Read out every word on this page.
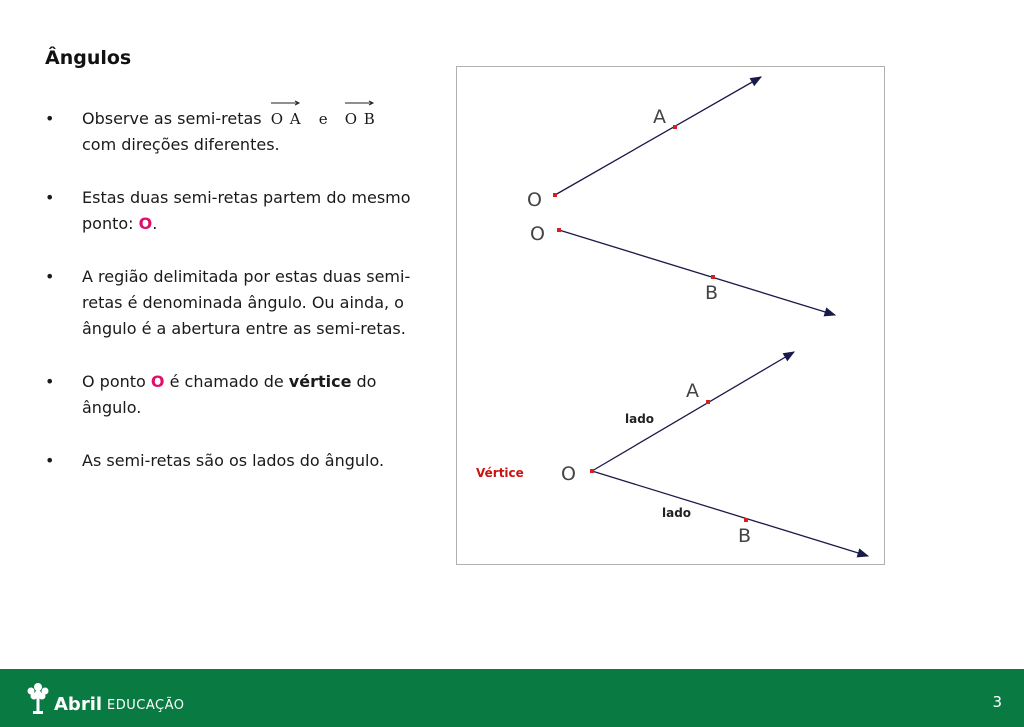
Ângulos
• Observe as semi-retas O A e O B
com direções diferentes.
• Estas duas semi-retas partem do mesmo ponto: O.
• A região delimitada por estas duas semi-retas é denominada ângulo. Ou ainda, o ângulo é a abertura entre as semi-retas.
• O ponto O é chamado de vértice do ângulo.
• As semi-retas são os lados do ângulo.
O
A
O
B
Vértice O
A
B
lado
lado
Abril EDUCAÇÃO	3
